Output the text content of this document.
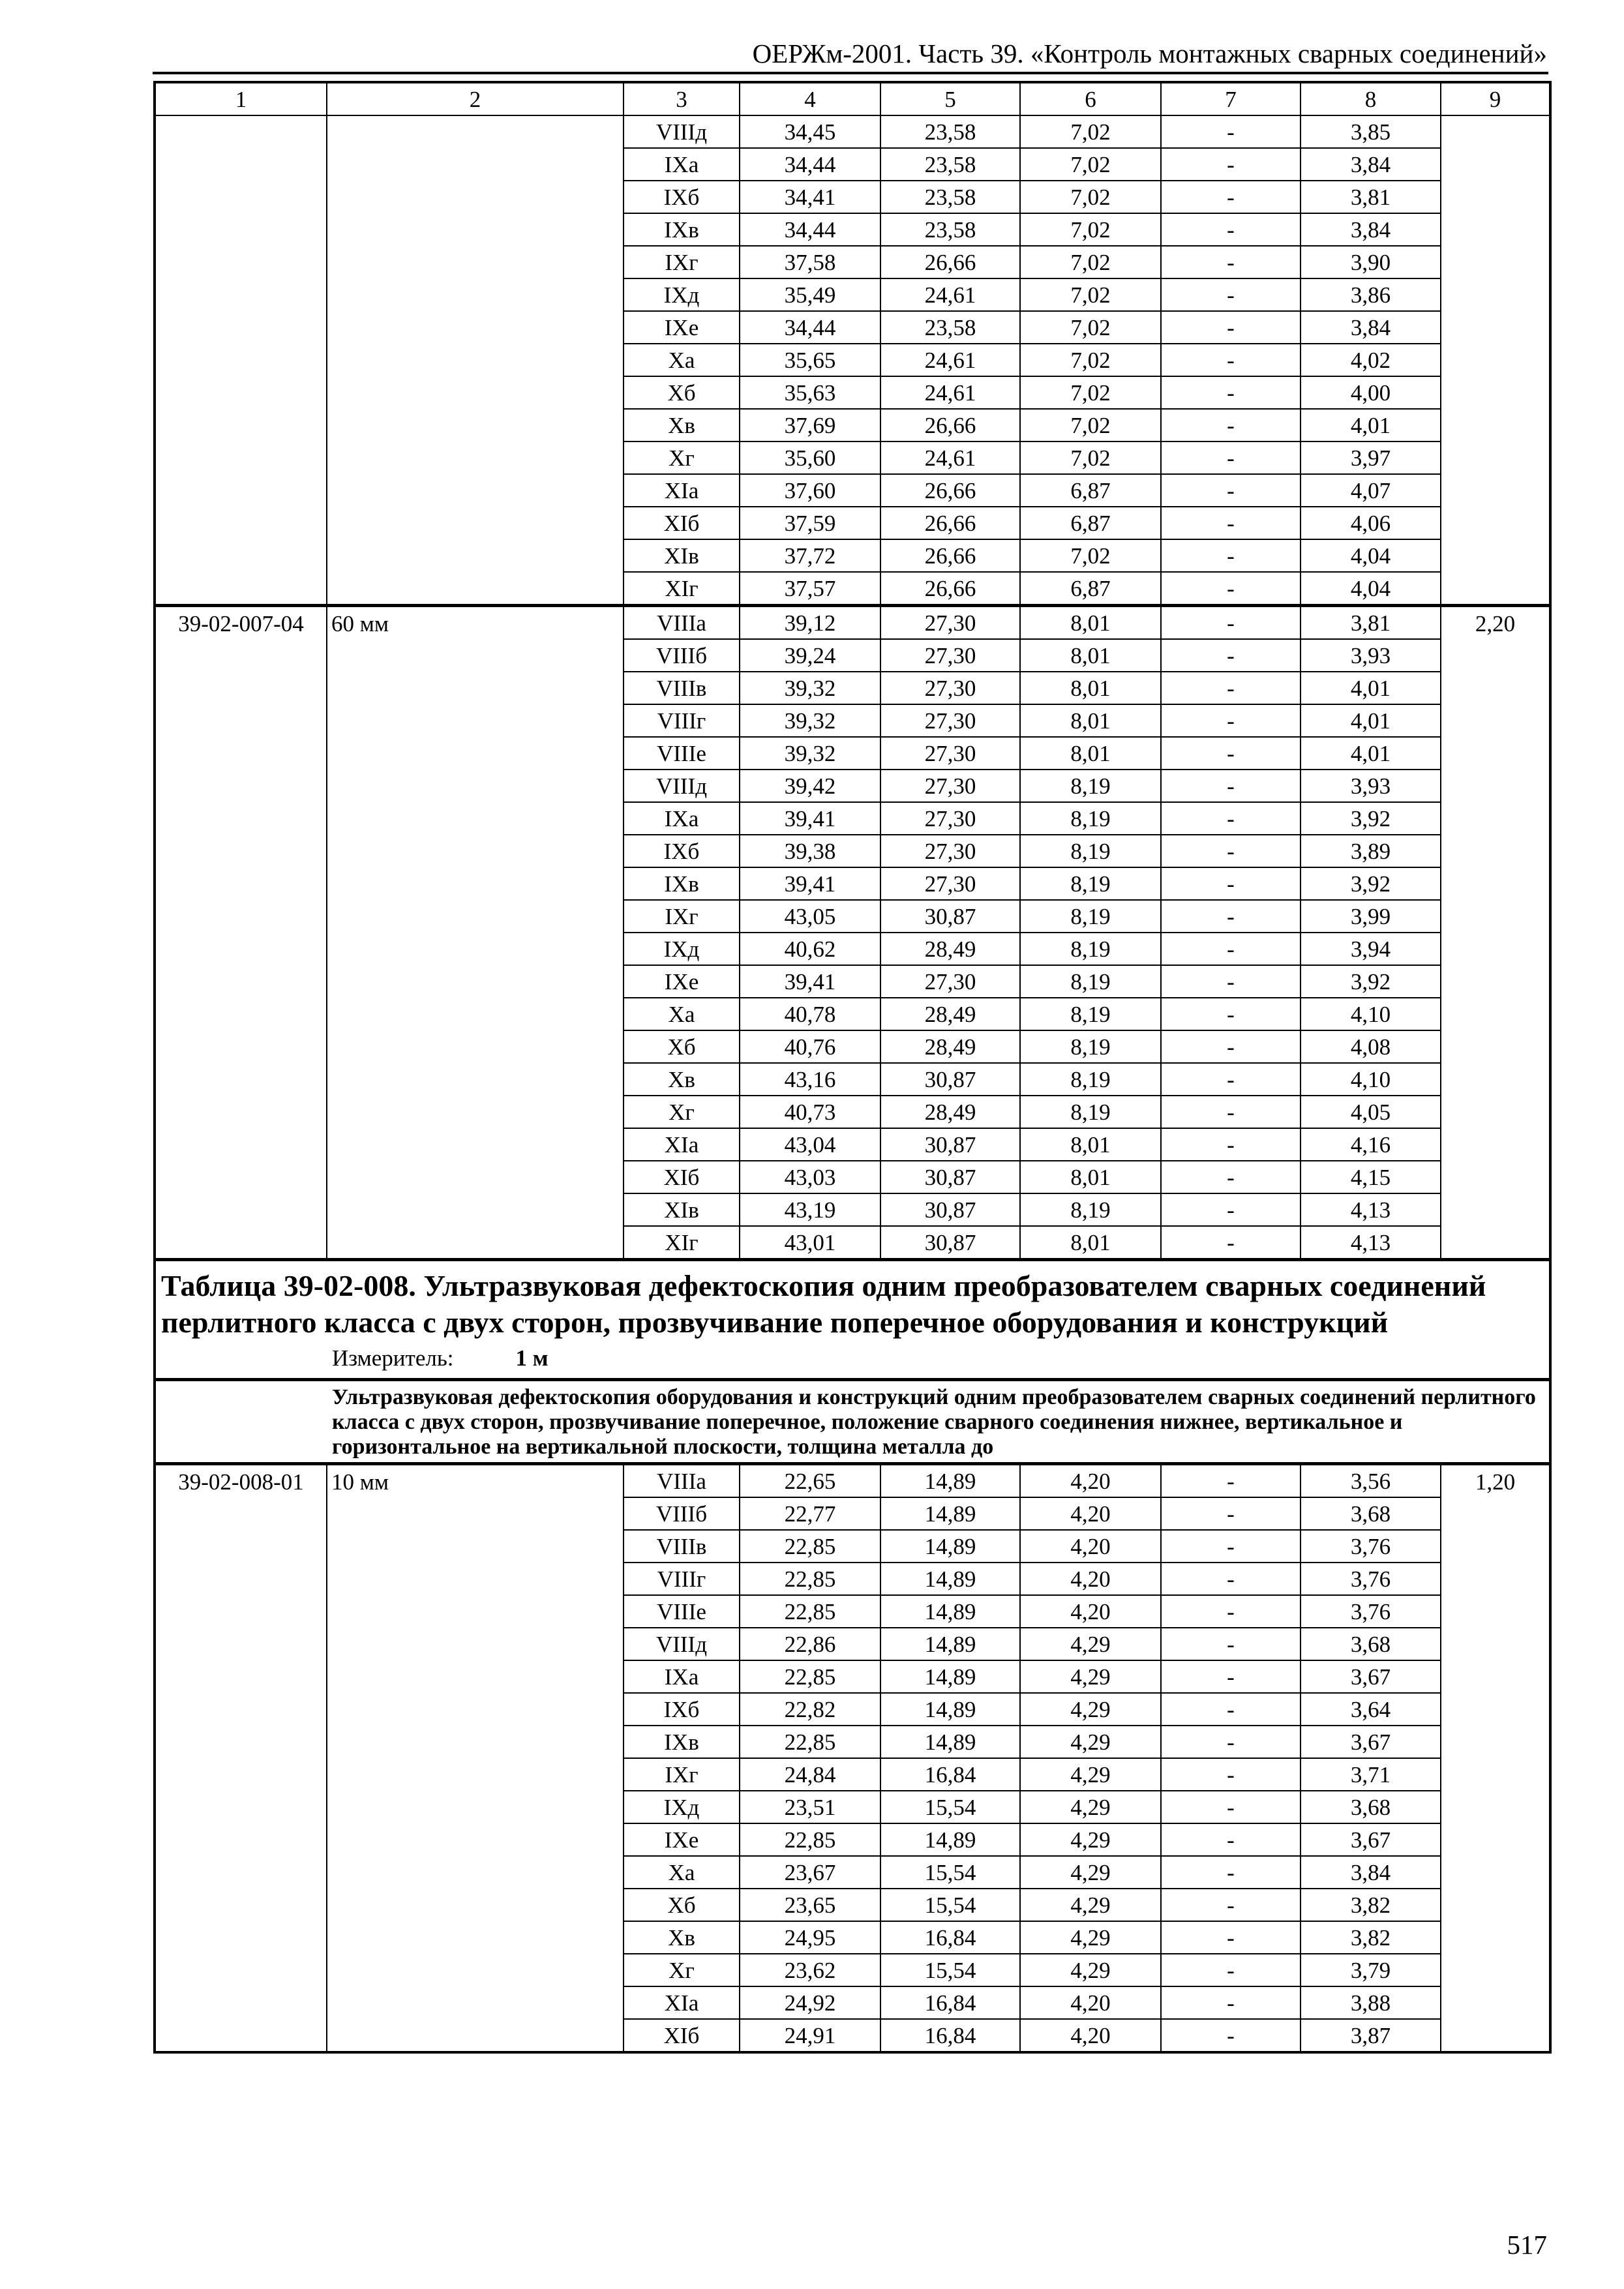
ОЕРЖм-2001. Часть 39. «Контроль монтажных сварных соединений»
1	2	3	4	5	6	7	8	9
		VIIIд	34,45	23,58	7,02	-	3,85	
		IXа	34,44	23,58	7,02	-	3,84	
		IXб	34,41	23,58	7,02	-	3,81	
		IXв	34,44	23,58	7,02	-	3,84	
		IXг	37,58	26,66	7,02	-	3,90	
		IXд	35,49	24,61	7,02	-	3,86	
		IXе	34,44	23,58	7,02	-	3,84	
		Xа	35,65	24,61	7,02	-	4,02	
		Xб	35,63	24,61	7,02	-	4,00	
		Xв	37,69	26,66	7,02	-	4,01	
		Xг	35,60	24,61	7,02	-	3,97	
		XIа	37,60	26,66	6,87	-	4,07	
		XIб	37,59	26,66	6,87	-	4,06	
		XIв	37,72	26,66	7,02	-	4,04	
		XIг	37,57	26,66	6,87	-	4,04	
39-02-007-04	60 мм	VIIIа	39,12	27,30	8,01	-	3,81	2,20
		VIIIб	39,24	27,30	8,01	-	3,93	
		VIIIв	39,32	27,30	8,01	-	4,01	
		VIIIг	39,32	27,30	8,01	-	4,01	
		VIIIе	39,32	27,30	8,01	-	4,01	
		VIIIд	39,42	27,30	8,19	-	3,93	
		IXа	39,41	27,30	8,19	-	3,92	
		IXб	39,38	27,30	8,19	-	3,89	
		IXв	39,41	27,30	8,19	-	3,92	
		IXг	43,05	30,87	8,19	-	3,99	
		IXд	40,62	28,49	8,19	-	3,94	
		IXе	39,41	27,30	8,19	-	3,92	
		Xа	40,78	28,49	8,19	-	4,10	
		Xб	40,76	28,49	8,19	-	4,08	
		Xв	43,16	30,87	8,19	-	4,10	
		Xг	40,73	28,49	8,19	-	4,05	
		XIа	43,04	30,87	8,01	-	4,16	
		XIб	43,03	30,87	8,01	-	4,15	
		XIв	43,19	30,87	8,19	-	4,13	
		XIг	43,01	30,87	8,01	-	4,13	

Таблица 39-02-008. Ультразвуковая дефектоскопия одним преобразователем сварных соединений перлитного класса с двух сторон, прозвучивание поперечное оборудования и конструкций
Измеритель: 1 м								

Ультразвуковая дефектоскопия оборудования и конструкций одним преобразователем сварных соединений перлитного класса с двух сторон, прозвучивание поперечное, положение сварного соединения нижнее, вертикальное и горизонтальное на вертикальной плоскости, толщина металла до								
39-02-008-01	10 мм	VIIIа	22,65	14,89	4,20	-	3,56	1,20
		VIIIб	22,77	14,89	4,20	-	3,68	
		VIIIв	22,85	14,89	4,20	-	3,76	
		VIIIг	22,85	14,89	4,20	-	3,76	
		VIIIе	22,85	14,89	4,20	-	3,76	
		VIIIд	22,86	14,89	4,29	-	3,68	
		IXа	22,85	14,89	4,29	-	3,67	
		IXб	22,82	14,89	4,29	-	3,64	
		IXв	22,85	14,89	4,29	-	3,67	
		IXг	24,84	16,84	4,29	-	3,71	
		IXд	23,51	15,54	4,29	-	3,68	
		IXе	22,85	14,89	4,29	-	3,67	
		Xа	23,67	15,54	4,29	-	3,84	
		Xб	23,65	15,54	4,29	-	3,82	
		Xв	24,95	16,84	4,29	-	3,82	
		Xг	23,62	15,54	4,29	-	3,79	
		XIа	24,92	16,84	4,20	-	3,88	
		XIб	24,91	16,84	4,20	-	3,87	
517
